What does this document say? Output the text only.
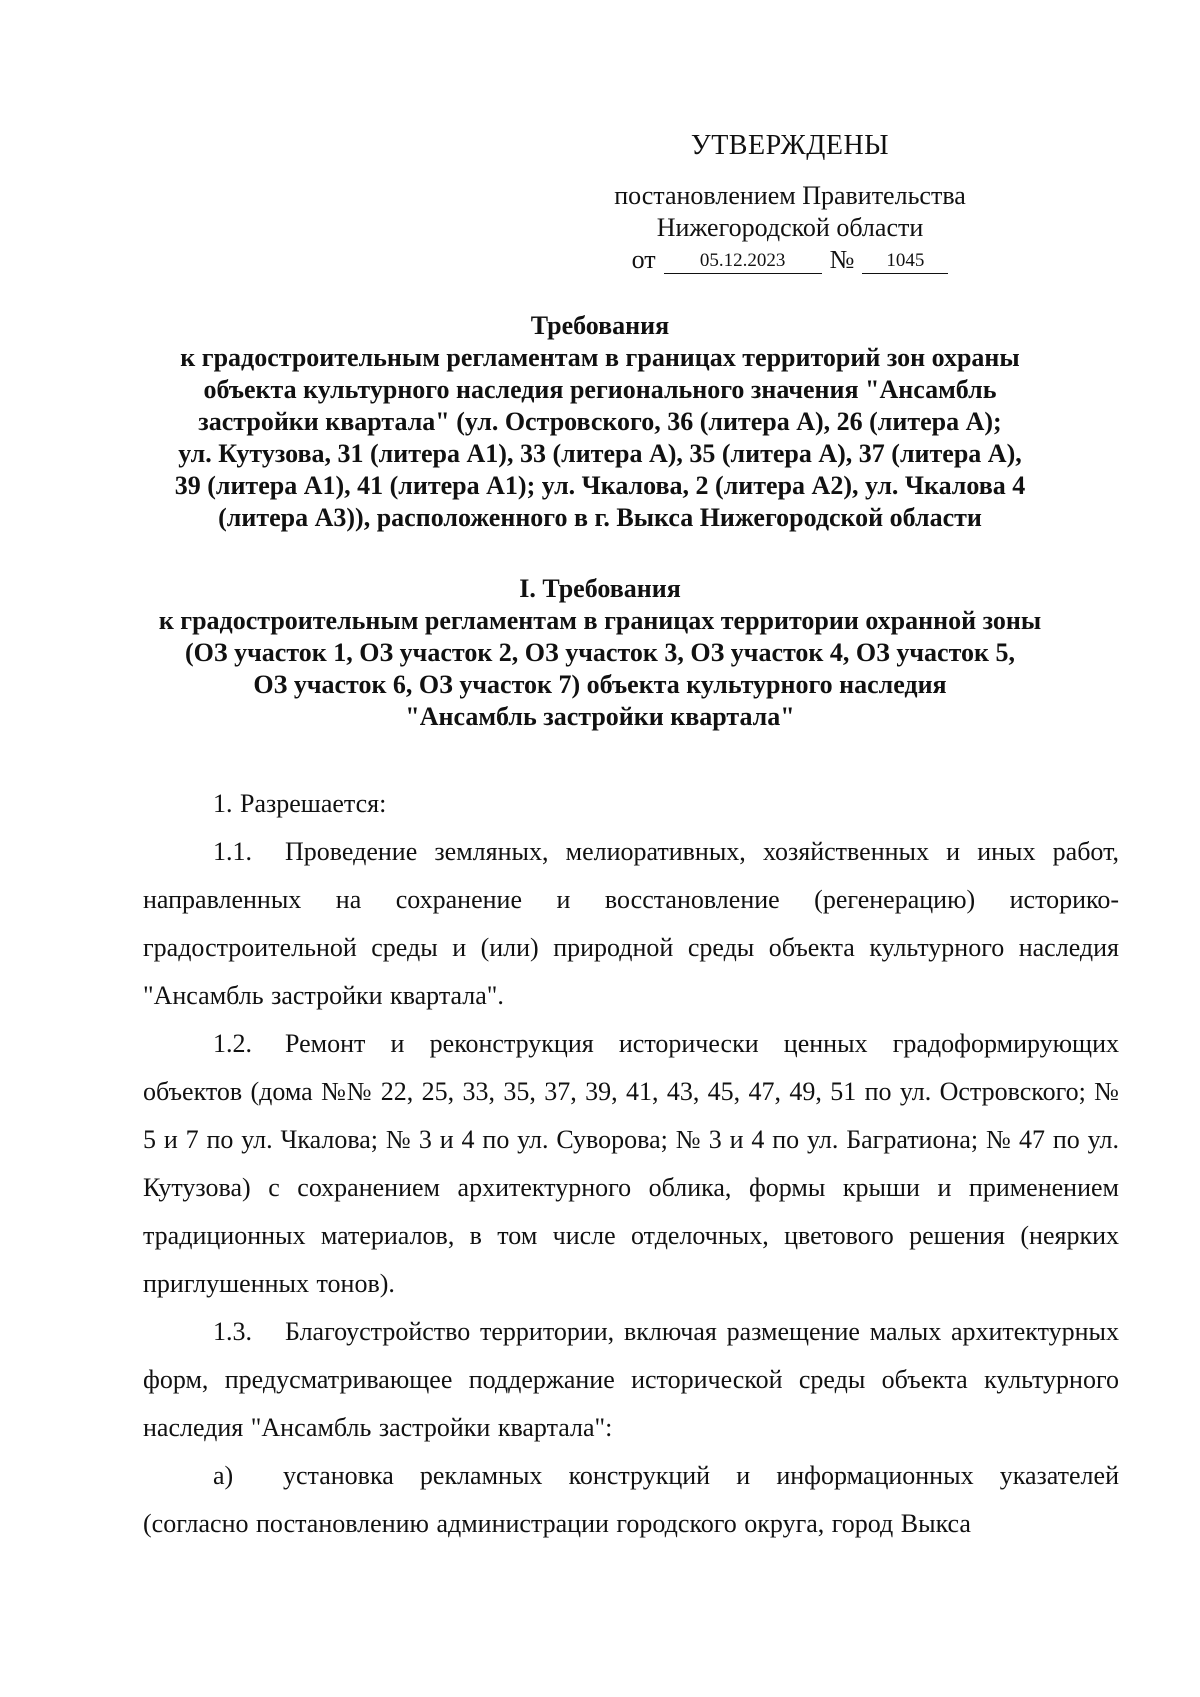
УТВЕРЖДЕНЫ
постановлением Правительства
Нижегородской области
от	05.12.2023	№	1045
Требования
к градостроительным регламентам в границах территорий зон охраны
объекта культурного наследия регионального значения "Ансамбль
застройки квартала" (ул. Островского, 36 (литера А), 26 (литера А);
ул. Кутузова, 31 (литера А1), 33 (литера А), 35 (литера А), 37 (литера А),
39 (литера А1), 41 (литера А1); ул. Чкалова, 2 (литера А2), ул. Чкалова 4
(литера А3)), расположенного в г. Выкса Нижегородской области
I. Требования
к градостроительным регламентам в границах территории охранной зоны
(ОЗ участок 1, ОЗ участок 2, ОЗ участок 3, ОЗ участок 4, ОЗ участок 5,
ОЗ участок 6, ОЗ участок 7) объекта культурного наследия
"Ансамбль застройки квартала"

1. Разрешается:

1.1. Проведение земляных, мелиоративных, хозяйственных и иных работ, направленных на сохранение и восстановление (регенерацию) историко-градостроительной среды и (или) природной среды объекта культурного наследия "Ансамбль застройки квартала".

1.2. Ремонт и реконструкция исторически ценных градоформирующих объектов (дома №№ 22, 25, 33, 35, 37, 39, 41, 43, 45, 47, 49, 51 по ул. Островского; № 5 и 7 по ул. Чкалова; № 3 и 4 по ул. Суворова; № 3 и 4 по ул. Багратиона; № 47 по ул. Кутузова) с сохранением архитектурного облика, формы крыши и применением традиционных материалов, в том числе отделочных, цветового решения (неярких приглушенных тонов).

1.3. Благоустройство территории, включая размещение малых архитектурных форм, предусматривающее поддержание исторической среды объекта культурного наследия "Ансамбль застройки квартала":

а) установка рекламных конструкций и информационных указателей (согласно постановлению администрации городского округа, город Выкса
